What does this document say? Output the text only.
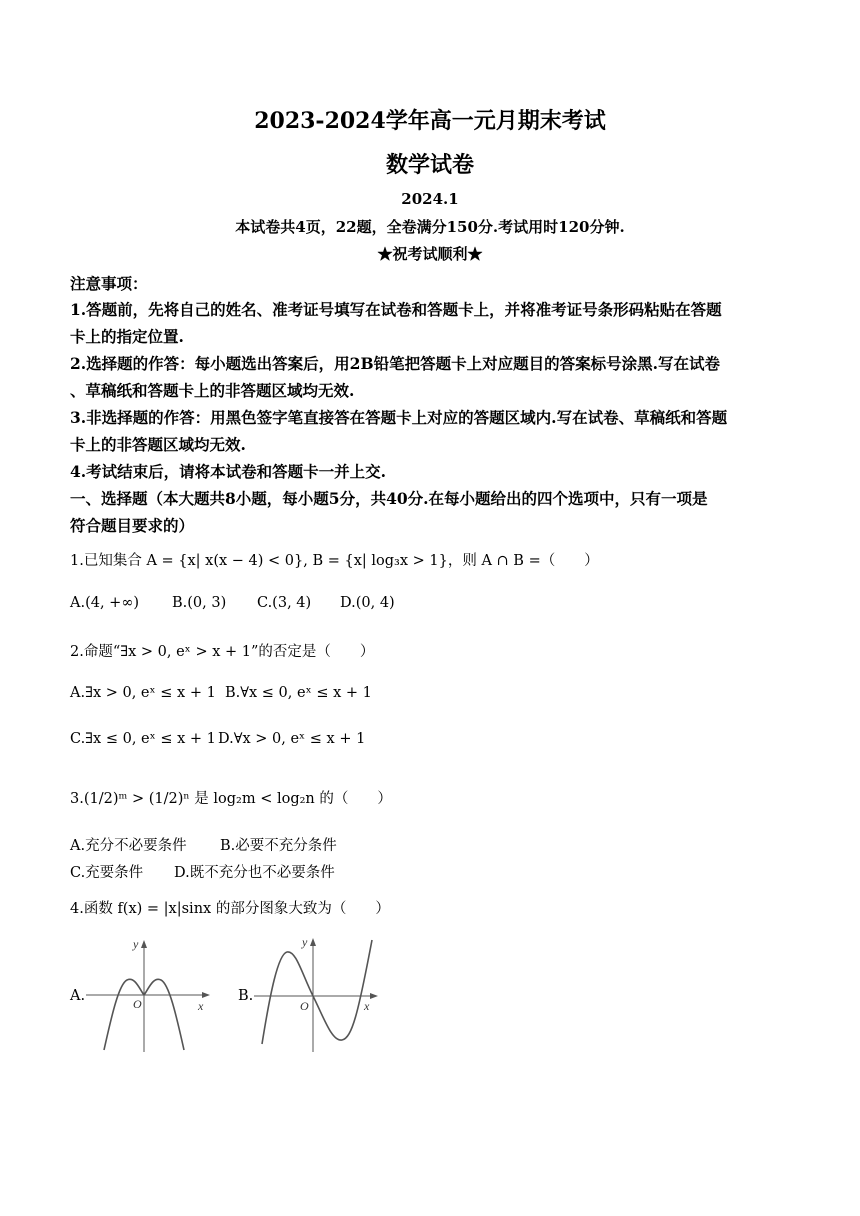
2023-2024学年高一元月期末考试
数学试卷
2024.1
本试卷共4页，22题，全卷满分150分.考试用时120分钟.
★祝考试顺利★
注意事项：
1.答题前，先将自己的姓名、准考证号填写在试卷和答题卡上，并将准考证号条形码粘贴在答题
卡上的指定位置.
2.选择题的作答：每小题选出答案后，用2B铅笔把答题卡上对应题目的答案标号涂黑.写在试卷
、草稿纸和答题卡上的非答题区域均无效.
3.非选择题的作答：用黑色签字笔直接答在答题卡上对应的答题区域内.写在试卷、草稿纸和答题
卡上的非答题区域均无效.
4.考试结束后，请将本试卷和答题卡一并上交.
一、选择题（本大题共8小题，每小题5分，共40分.在每小题给出的四个选项中，只有一项是
符合题目要求的）
1.已知集合 A = {x| x(x − 4) < 0}, B = {x| log₃x > 1}，则 A ∩ B =（　　）
A.(4, +∞) B.(0, 3) C.(3, 4) D.(0, 4)
2.命题“∃x > 0, eˣ > x + 1”的否定是（　　）
A.∃x > 0, eˣ ≤ x + 1 B.∀x ≤ 0, eˣ ≤ x + 1
C.∃x ≤ 0, eˣ ≤ x + 1 D.∀x > 0, eˣ ≤ x + 1
3.(1/2)ᵐ > (1/2)ⁿ 是 log₂m < log₂n 的（　　）
A.充分不必要条件 B.必要不充分条件
C.充要条件 D.既不充分也不必要条件
4.函数 f(x) = |x|sinx 的部分图象大致为（　　）
A.
y
x
O	B.
y
x
O
